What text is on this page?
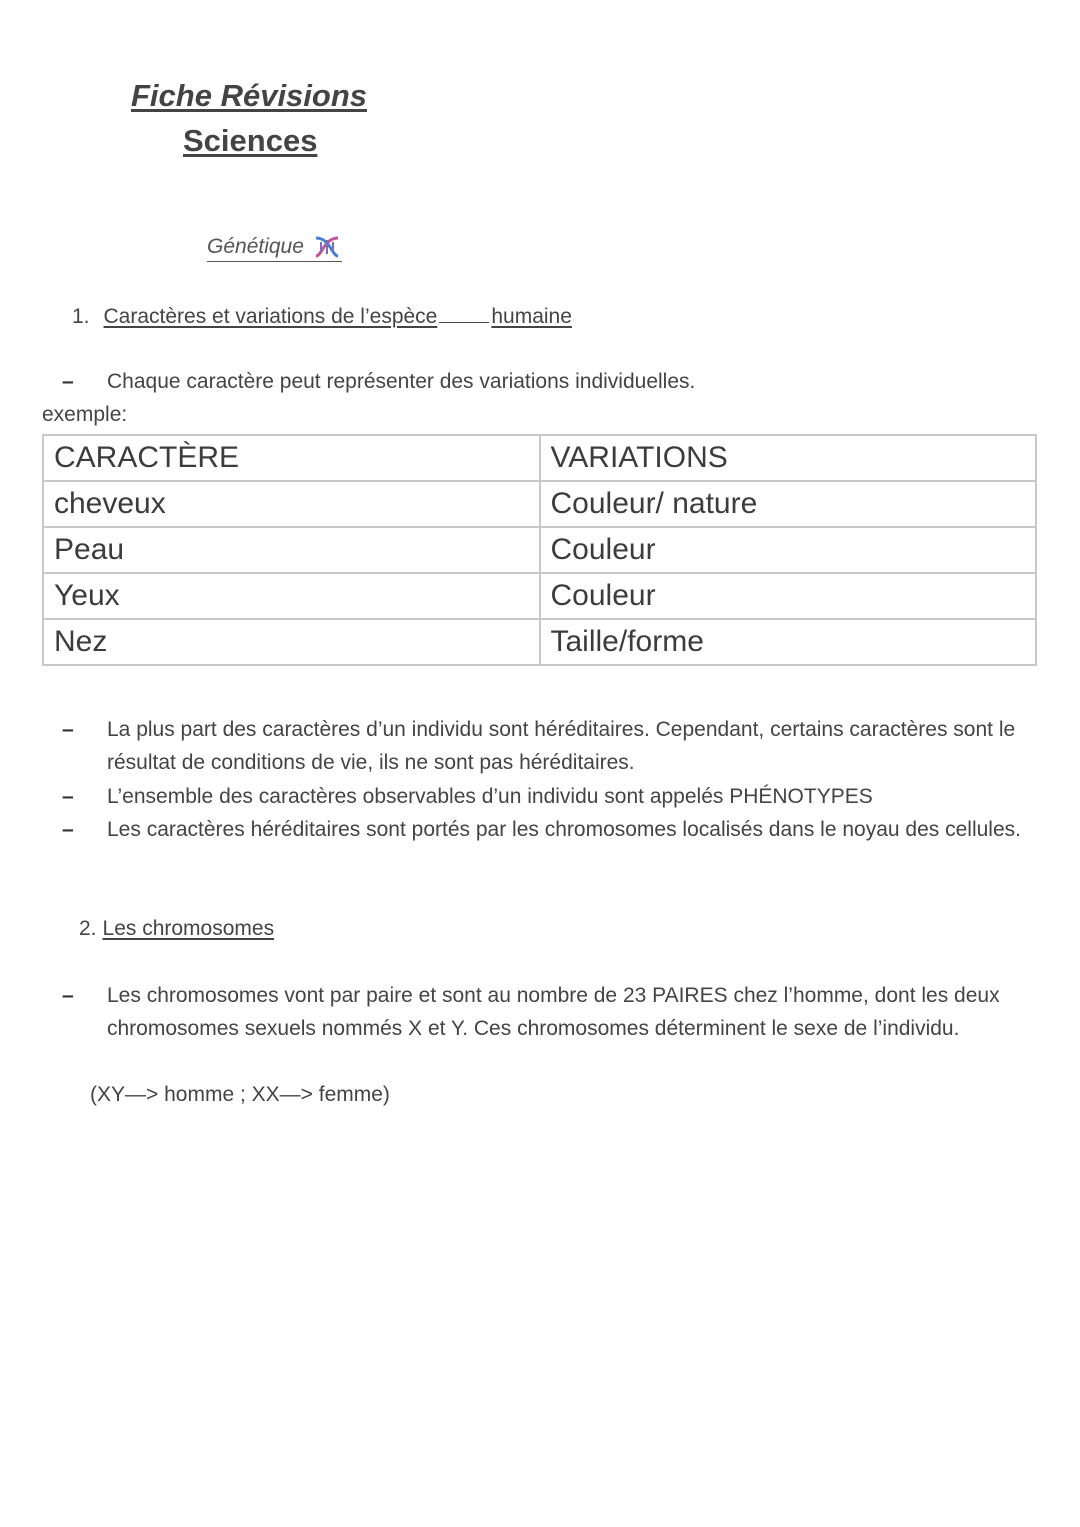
Fiche Révisions
Sciences
Génétique
1. Caractères et variations de l’espèce	humaine
–	Chaque caractère peut représenter des variations individuelles.
exemple:
CARACTÈRE	VARIATIONS
cheveux	Couleur/ nature
Peau	Couleur
Yeux	Couleur
Nez	Taille/forme
–	La plus part des caractères d’un individu sont héréditaires. Cependant, certains caractères sont le résultat de conditions de vie, ils ne sont pas héréditaires.
–	L’ensemble des caractères observables d’un individu sont appelés PHÉNOTYPES
–	Les caractères héréditaires sont portés par les chromosomes localisés dans le noyau des cellules.
2. Les chromosomes
–	Les chromosomes vont par paire et sont au nombre de 23 PAIRES chez l’homme, dont les deux chromosomes sexuels nommés X et Y. Ces chromosomes déterminent le sexe de l’individu.
(XY—> homme ; XX—> femme)
